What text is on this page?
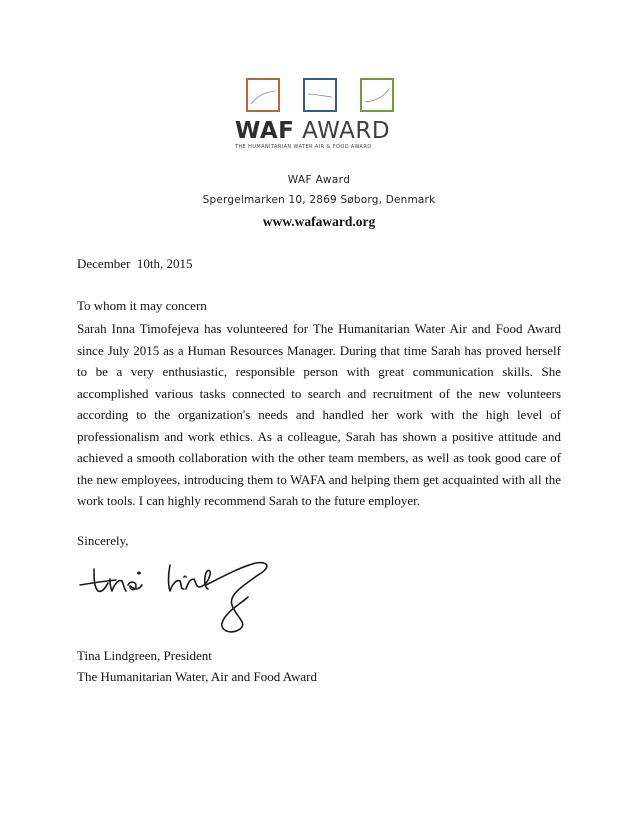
WAF AWARD
THE HUMANITARIAN WATER AIR & FOOD AWARD
WAF Award
Spergelmarken 10, 2869 Søborg, Denmark
www.wafaward.org
December  10th, 2015
To whom it may concern
Sarah Inna Timofejeva has volunteered for The Humanitarian Water Air and Food Award since July 2015 as a Human Resources Manager. During that time Sarah has proved herself to be a very enthusiastic, responsible person with great communication skills. She accomplished various tasks connected to search and recruitment of the new volunteers according to the organization's needs and handled her work with the high level of professionalism and work ethics. As a colleague, Sarah has shown a positive attitude and achieved a smooth collaboration with the other team members, as well as took good care of the new employees, introducing them to WAFA and helping them get acquainted with all the work tools. I can highly recommend Sarah to the future employer.
Sincerely,
Tina Lindgreen, President
The Humanitarian Water, Air and Food Award
